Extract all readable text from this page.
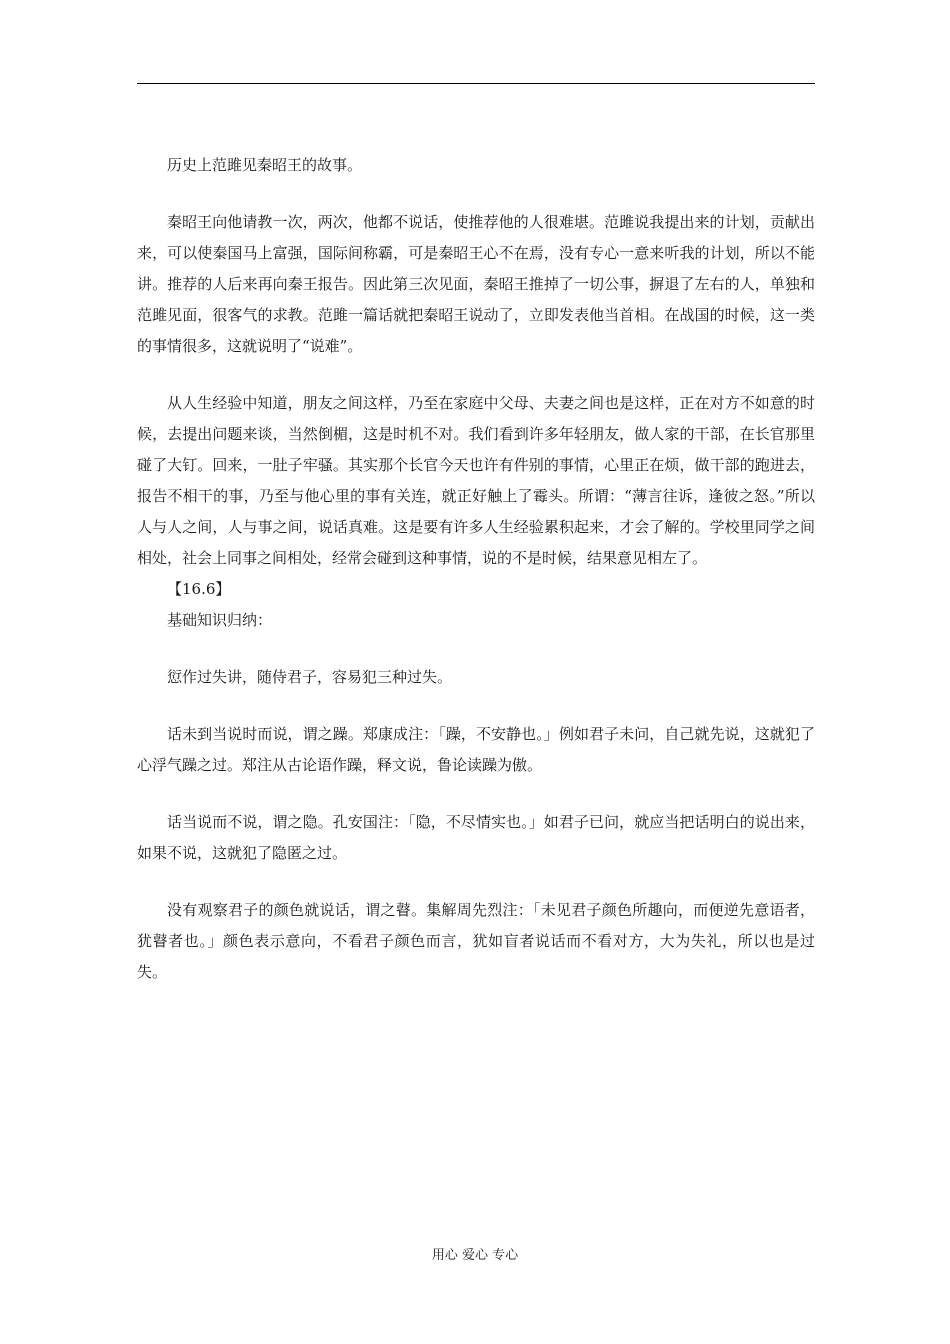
历史上范雎见秦昭王的故事。

秦昭王向他请教一次，两次，他都不说话，使推荐他的人很难堪。范雎说我提出来的计划，贡献出来，可以使秦国马上富强，国际间称霸，可是秦昭王心不在焉，没有专心一意来听我的计划，所以不能讲。推荐的人后来再向秦王报告。因此第三次见面，秦昭王推掉了一切公事，摒退了左右的人，单独和范雎见面，很客气的求教。范雎一篇话就把秦昭王说动了，立即发表他当首相。在战国的时候，这一类的事情很多，这就说明了“说难”。

从人生经验中知道，朋友之间这样，乃至在家庭中父母、夫妻之间也是这样，正在对方不如意的时候，去提出问题来谈，当然倒楣，这是时机不对。我们看到许多年轻朋友，做人家的干部，在长官那里碰了大钉。回来，一肚子牢骚。其实那个长官今天也许有件别的事情，心里正在烦，做干部的跑进去，报告不相干的事，乃至与他心里的事有关连，就正好触上了霉头。所谓：“薄言往诉，逢彼之怒。”所以人与人之间，人与事之间，说话真难。这是要有许多人生经验累积起来，才会了解的。学校里同学之间相处，社会上同事之间相处，经常会碰到这种事情，说的不是时候，结果意见相左了。

【16.6】

基础知识归纳：

愆作过失讲，随侍君子，容易犯三种过失。

话未到当说时而说，谓之躁。郑康成注：「躁，不安静也。」例如君子未问，自己就先说，这就犯了心浮气躁之过。郑注从古论语作躁，释文说，鲁论读躁为傲。

话当说而不说，谓之隐。孔安国注：「隐，不尽情实也。」如君子已问，就应当把话明白的说出来，如果不说，这就犯了隐匿之过。

没有观察君子的颜色就说话，谓之瞽。集解周先烈注：「未见君子颜色所趣向，而便逆先意语者，犹瞽者也。」颜色表示意向，不看君子颜色而言，犹如盲者说话而不看对方，大为失礼，所以也是过失。

用心 爱心 专心
